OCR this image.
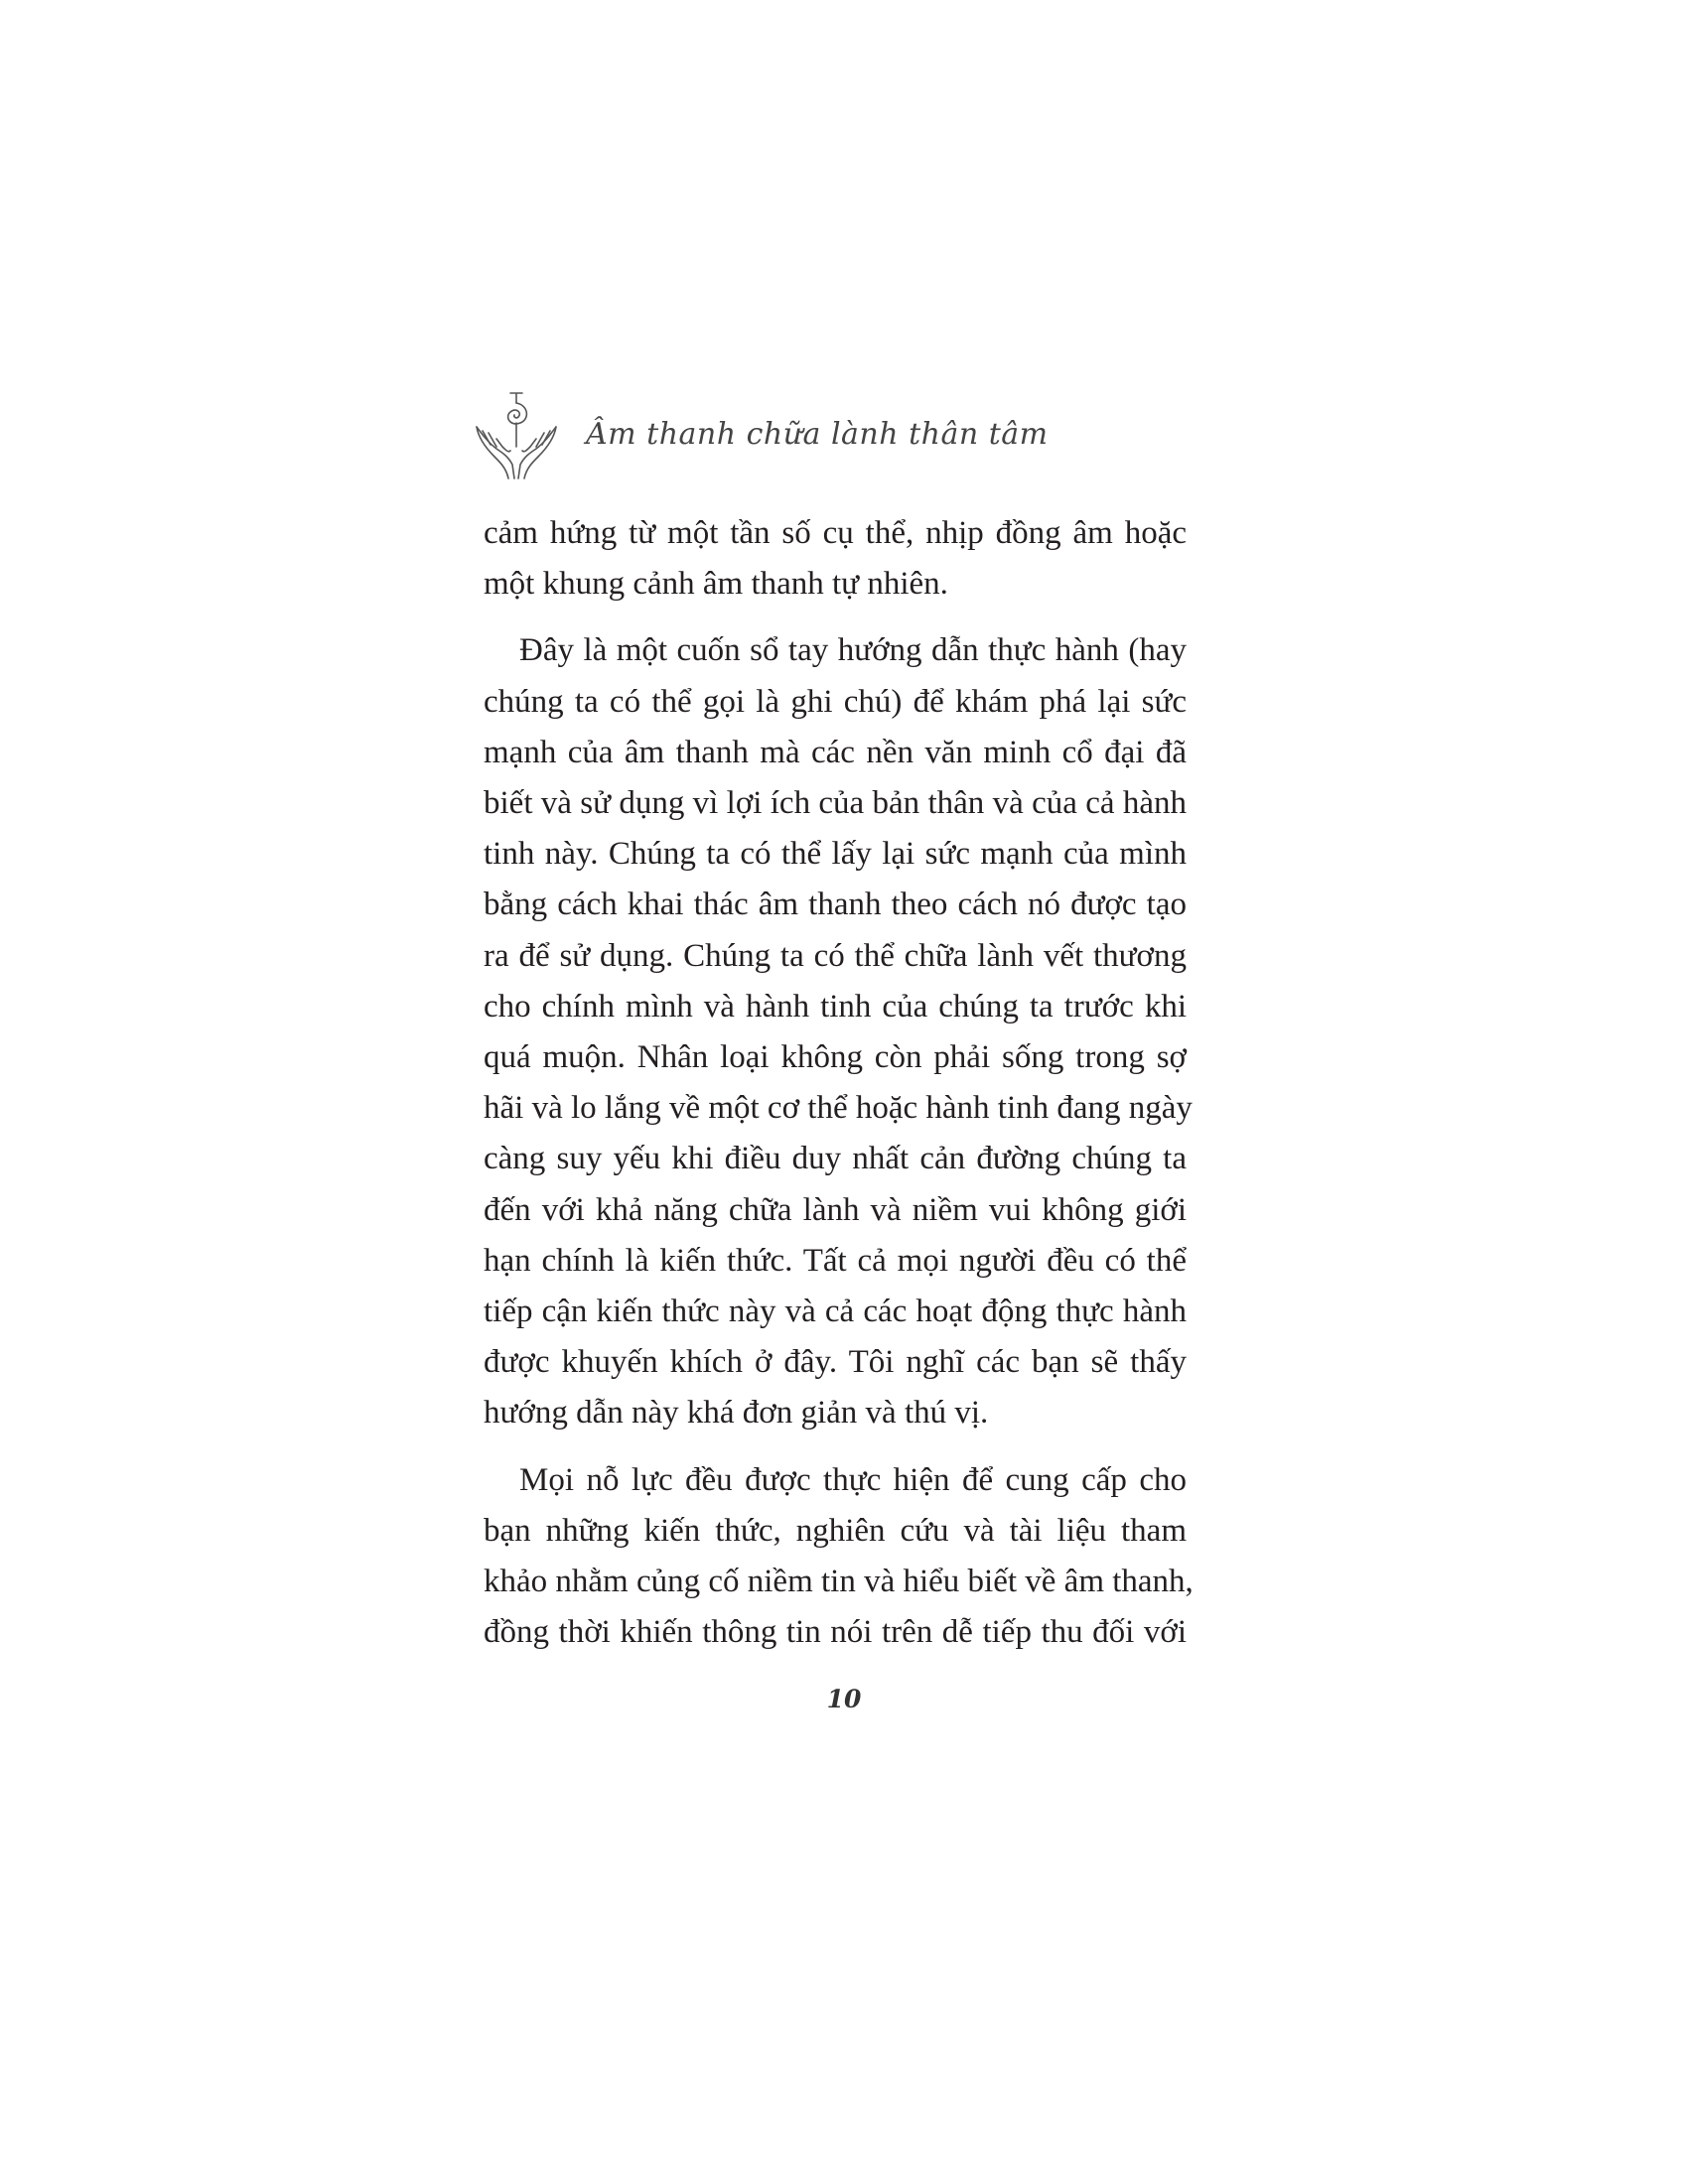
Âm thanh chữa lành thân tâm
cảm hứng từ một tần số cụ thể, nhịp đồng âm hoặc
một khung cảnh âm thanh tự nhiên.
Đây là một cuốn sổ tay hướng dẫn thực hành (hay
chúng ta có thể gọi là ghi chú) để khám phá lại sức
mạnh của âm thanh mà các nền văn minh cổ đại đã
biết và sử dụng vì lợi ích của bản thân và của cả hành
tinh này. Chúng ta có thể lấy lại sức mạnh của mình
bằng cách khai thác âm thanh theo cách nó được tạo
ra để sử dụng. Chúng ta có thể chữa lành vết thương
cho chính mình và hành tinh của chúng ta trước khi
quá muộn. Nhân loại không còn phải sống trong sợ
hãi và lo lắng về một cơ thể hoặc hành tinh đang ngày
càng suy yếu khi điều duy nhất cản đường chúng ta
đến với khả năng chữa lành và niềm vui không giới
hạn chính là kiến thức. Tất cả mọi người đều có thể
tiếp cận kiến thức này và cả các hoạt động thực hành
được khuyến khích ở đây. Tôi nghĩ các bạn sẽ thấy
hướng dẫn này khá đơn giản và thú vị.
Mọi nỗ lực đều được thực hiện để cung cấp cho
bạn những kiến thức, nghiên cứu và tài liệu tham
khảo nhằm củng cố niềm tin và hiểu biết về âm thanh,
đồng thời khiến thông tin nói trên dễ tiếp thu đối với
10
